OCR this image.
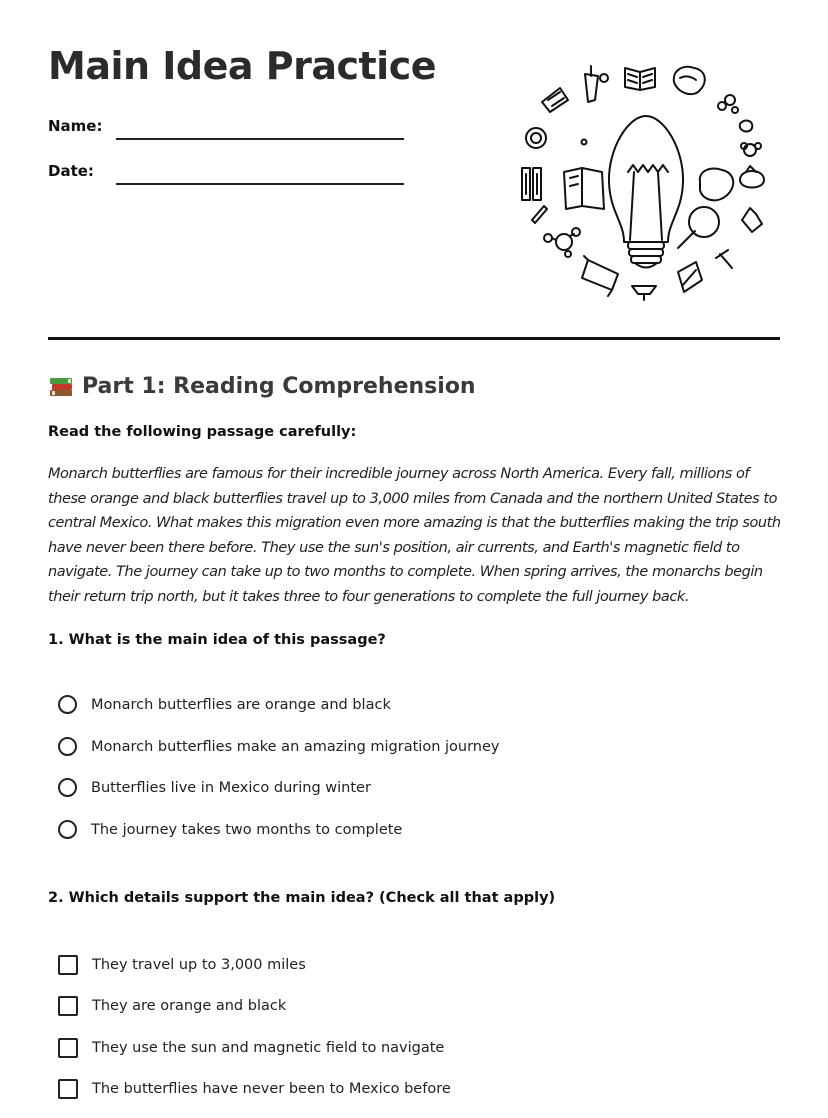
Main Idea Practice
Name:
Date:
Part 1: Reading Comprehension
Read the following passage carefully:

Monarch butterflies are famous for their incredible journey across North America. Every fall, millions of these orange and black butterflies travel up to 3,000 miles from Canada and the northern United States to central Mexico. What makes this migration even more amazing is that the butterflies making the trip south have never been there before. They use the sun's position, air currents, and Earth's magnetic field to navigate. The journey can take up to two months to complete. When spring arrives, the monarchs begin their return trip north, but it takes three to four generations to complete the full journey back.

1. What is the main idea of this passage?
Monarch butterflies are orange and black
Monarch butterflies make an amazing migration journey
Butterflies live in Mexico during winter
The journey takes two months to complete
2. Which details support the main idea? (Check all that apply)
They travel up to 3,000 miles
They are orange and black
They use the sun and magnetic field to navigate
The butterflies have never been to Mexico before
